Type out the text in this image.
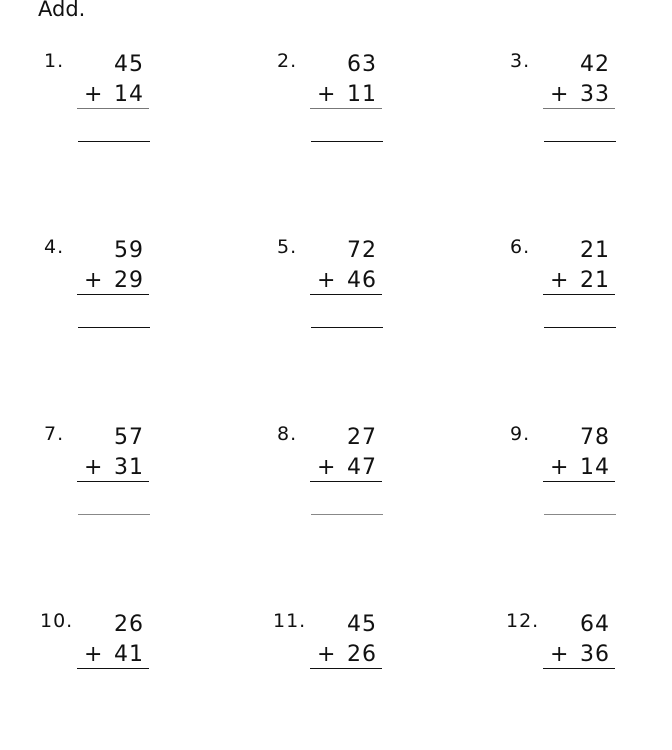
Add.
1.	45
+ 14
2.	63
+ 11
3.	42
+ 33
4.	59
+ 29
5.	72
+ 46
6.	21
+ 21
7.	57
+ 31
8.	27
+ 47
9.	78
+ 14
10.	26
+ 41
11.	45
+ 26
12.	64
+ 36
